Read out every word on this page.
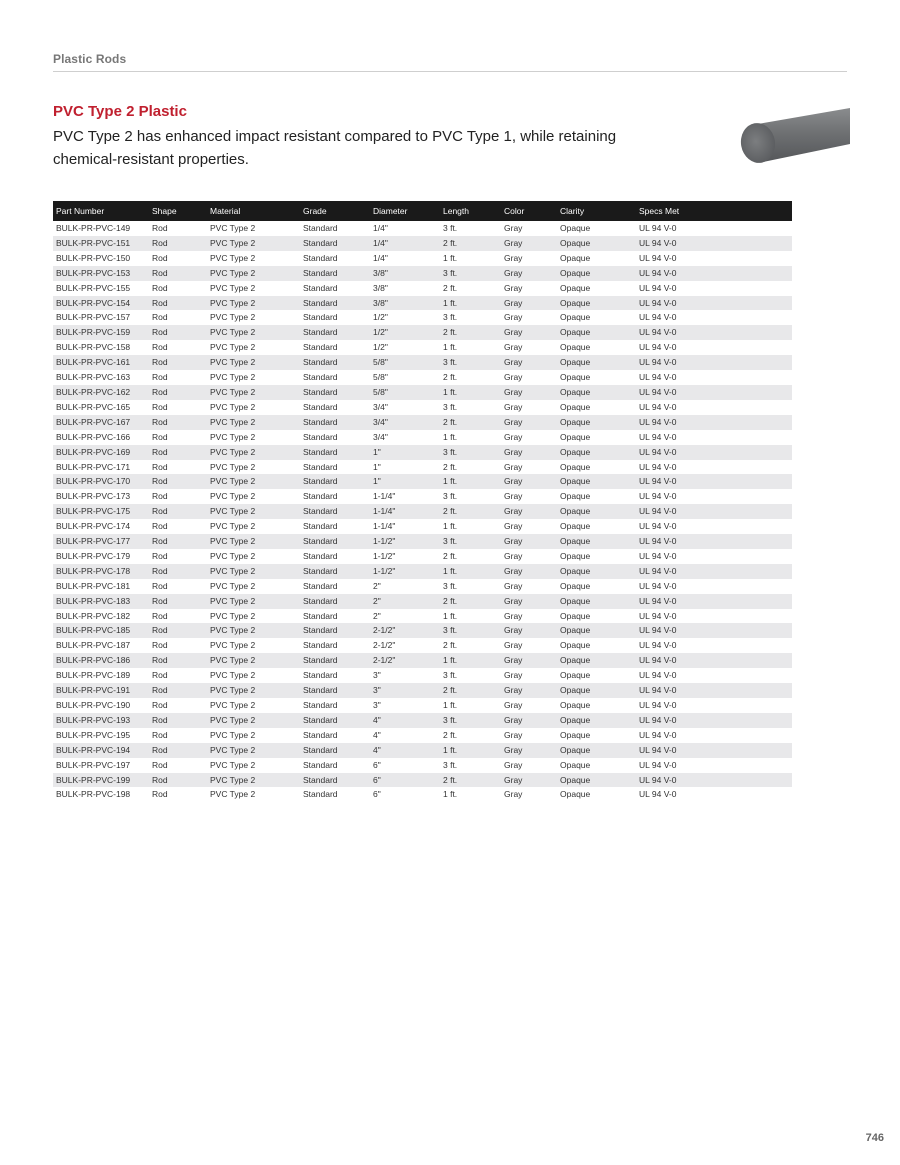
Plastic Rods
PVC Type 2 Plastic
PVC Type 2 has enhanced impact resistant compared to PVC Type 1, while retaining chemical-resistant properties.
Part Number	Shape	Material	Grade	Diameter	Length	Color	Clarity	Specs Met
BULK-PR-PVC-149	Rod	PVC Type 2	Standard	1/4"	3 ft.	Gray	Opaque	UL 94 V-0
BULK-PR-PVC-151	Rod	PVC Type 2	Standard	1/4"	2 ft.	Gray	Opaque	UL 94 V-0
BULK-PR-PVC-150	Rod	PVC Type 2	Standard	1/4"	1 ft.	Gray	Opaque	UL 94 V-0
BULK-PR-PVC-153	Rod	PVC Type 2	Standard	3/8"	3 ft.	Gray	Opaque	UL 94 V-0
BULK-PR-PVC-155	Rod	PVC Type 2	Standard	3/8"	2 ft.	Gray	Opaque	UL 94 V-0
BULK-PR-PVC-154	Rod	PVC Type 2	Standard	3/8"	1 ft.	Gray	Opaque	UL 94 V-0
BULK-PR-PVC-157	Rod	PVC Type 2	Standard	1/2"	3 ft.	Gray	Opaque	UL 94 V-0
BULK-PR-PVC-159	Rod	PVC Type 2	Standard	1/2"	2 ft.	Gray	Opaque	UL 94 V-0
BULK-PR-PVC-158	Rod	PVC Type 2	Standard	1/2"	1 ft.	Gray	Opaque	UL 94 V-0
BULK-PR-PVC-161	Rod	PVC Type 2	Standard	5/8"	3 ft.	Gray	Opaque	UL 94 V-0
BULK-PR-PVC-163	Rod	PVC Type 2	Standard	5/8"	2 ft.	Gray	Opaque	UL 94 V-0
BULK-PR-PVC-162	Rod	PVC Type 2	Standard	5/8"	1 ft.	Gray	Opaque	UL 94 V-0
BULK-PR-PVC-165	Rod	PVC Type 2	Standard	3/4"	3 ft.	Gray	Opaque	UL 94 V-0
BULK-PR-PVC-167	Rod	PVC Type 2	Standard	3/4"	2 ft.	Gray	Opaque	UL 94 V-0
BULK-PR-PVC-166	Rod	PVC Type 2	Standard	3/4"	1 ft.	Gray	Opaque	UL 94 V-0
BULK-PR-PVC-169	Rod	PVC Type 2	Standard	1"	3 ft.	Gray	Opaque	UL 94 V-0
BULK-PR-PVC-171	Rod	PVC Type 2	Standard	1"	2 ft.	Gray	Opaque	UL 94 V-0
BULK-PR-PVC-170	Rod	PVC Type 2	Standard	1"	1 ft.	Gray	Opaque	UL 94 V-0
BULK-PR-PVC-173	Rod	PVC Type 2	Standard	1-1/4"	3 ft.	Gray	Opaque	UL 94 V-0
BULK-PR-PVC-175	Rod	PVC Type 2	Standard	1-1/4"	2 ft.	Gray	Opaque	UL 94 V-0
BULK-PR-PVC-174	Rod	PVC Type 2	Standard	1-1/4"	1 ft.	Gray	Opaque	UL 94 V-0
BULK-PR-PVC-177	Rod	PVC Type 2	Standard	1-1/2"	3 ft.	Gray	Opaque	UL 94 V-0
BULK-PR-PVC-179	Rod	PVC Type 2	Standard	1-1/2"	2 ft.	Gray	Opaque	UL 94 V-0
BULK-PR-PVC-178	Rod	PVC Type 2	Standard	1-1/2"	1 ft.	Gray	Opaque	UL 94 V-0
BULK-PR-PVC-181	Rod	PVC Type 2	Standard	2"	3 ft.	Gray	Opaque	UL 94 V-0
BULK-PR-PVC-183	Rod	PVC Type 2	Standard	2"	2 ft.	Gray	Opaque	UL 94 V-0
BULK-PR-PVC-182	Rod	PVC Type 2	Standard	2"	1 ft.	Gray	Opaque	UL 94 V-0
BULK-PR-PVC-185	Rod	PVC Type 2	Standard	2-1/2"	3 ft.	Gray	Opaque	UL 94 V-0
BULK-PR-PVC-187	Rod	PVC Type 2	Standard	2-1/2"	2 ft.	Gray	Opaque	UL 94 V-0
BULK-PR-PVC-186	Rod	PVC Type 2	Standard	2-1/2"	1 ft.	Gray	Opaque	UL 94 V-0
BULK-PR-PVC-189	Rod	PVC Type 2	Standard	3"	3 ft.	Gray	Opaque	UL 94 V-0
BULK-PR-PVC-191	Rod	PVC Type 2	Standard	3"	2 ft.	Gray	Opaque	UL 94 V-0
BULK-PR-PVC-190	Rod	PVC Type 2	Standard	3"	1 ft.	Gray	Opaque	UL 94 V-0
BULK-PR-PVC-193	Rod	PVC Type 2	Standard	4"	3 ft.	Gray	Opaque	UL 94 V-0
BULK-PR-PVC-195	Rod	PVC Type 2	Standard	4"	2 ft.	Gray	Opaque	UL 94 V-0
BULK-PR-PVC-194	Rod	PVC Type 2	Standard	4"	1 ft.	Gray	Opaque	UL 94 V-0
BULK-PR-PVC-197	Rod	PVC Type 2	Standard	6"	3 ft.	Gray	Opaque	UL 94 V-0
BULK-PR-PVC-199	Rod	PVC Type 2	Standard	6"	2 ft.	Gray	Opaque	UL 94 V-0
BULK-PR-PVC-198	Rod	PVC Type 2	Standard	6"	1 ft.	Gray	Opaque	UL 94 V-0
746
